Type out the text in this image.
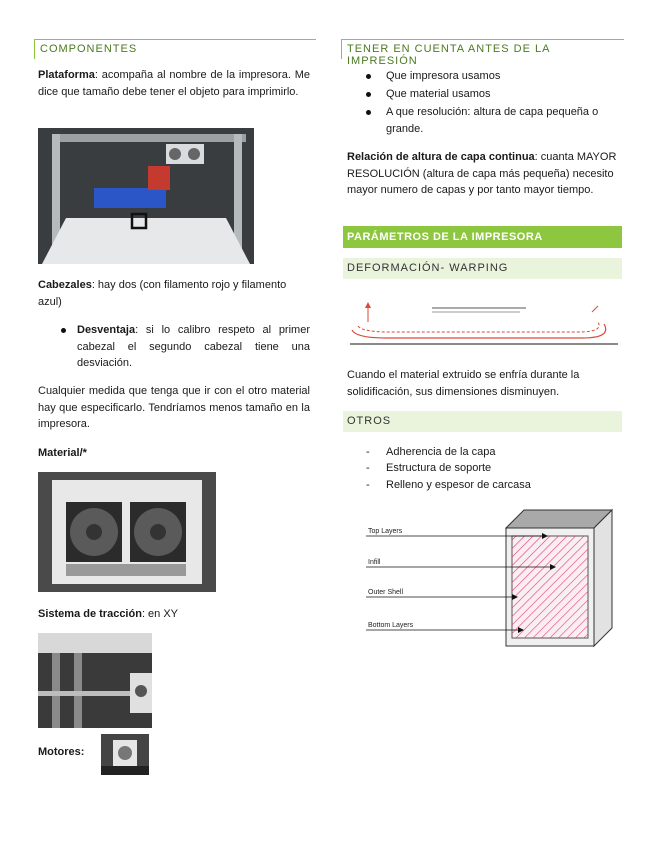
COMPONENTES
Plataforma: acompaña al nombre de la impresora. Me dice que tamaño debe tener el objeto para imprimirlo.
Cabezales: hay dos (con filamento rojo y filamento azul)
Desventaja: si lo calibro respeto al primer cabezal el segundo cabezal tiene una desviación.
Cualquier medida que tenga que ir con el otro material hay que especificarlo. Tendríamos menos tamaño en la impresora.
Material/*
Sistema de tracción: en XY
Motores:
TENER EN CUENTA ANTES DE LA IMPRESIÓN
Que impresora usamos
Que material usamos
A que resolución: altura de capa pequeña o grande.
Relación de altura de capa continua: cuanta MAYOR RESOLUCIÓN (altura de capa más pequeña) necesito mayor numero de capas y por tanto mayor tiempo.
PARÁMETROS DE LA IMPRESORA
DEFORMACIÓN- WARPING
Cuando el material extruido se enfría durante la solidificación, sus dimensiones disminuyen.
OTROS
- Adherencia de la capa
- Estructura de soporte
- Relleno y espesor de carcasa
Top Layers
Infill
Outer Shell
Bottom Layers
